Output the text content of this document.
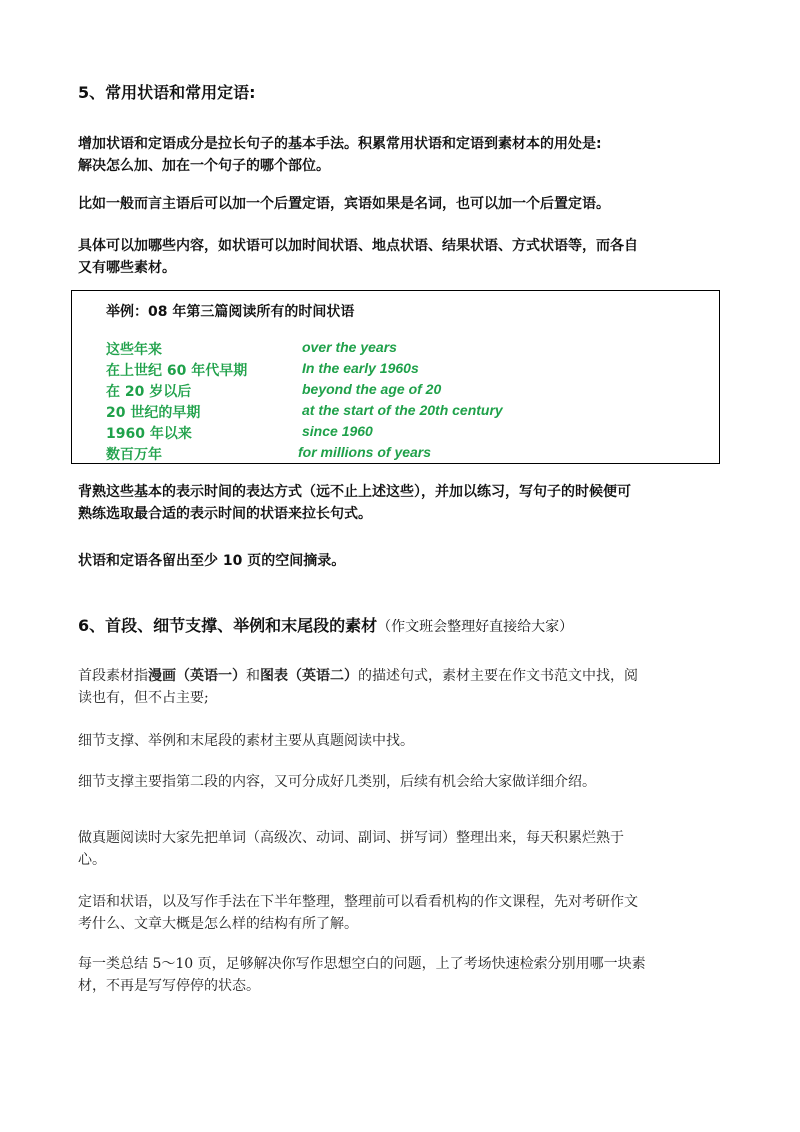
5、常用状语和常用定语:
增加状语和定语成分是拉长句子的基本手法。积累常用状语和定语到素材本的用处是:
解决怎么加、加在一个句子的哪个部位。
比如一般而言主语后可以加一个后置定语，宾语如果是名词，也可以加一个后置定语。
具体可以加哪些内容，如状语可以加时间状语、地点状语、结果状语、方式状语等，而各自
又有哪些素材。
举例：08 年第三篇阅读所有的时间状语
这些年来	over the years
在上世纪 60 年代早期	In the early 1960s
在 20 岁以后	beyond the age of 20
20 世纪的早期	at the start of the 20th century
1960 年以来	since 1960
数百万年	for millions of years
背熟这些基本的表示时间的表达方式（远不止上述这些），并加以练习，写句子的时候便可
熟练选取最合适的表示时间的状语来拉长句式。
状语和定语各留出至少 10 页的空间摘录。
6、首段、细节支撑、举例和末尾段的素材（作文班会整理好直接给大家）
首段素材指漫画（英语一）和图表（英语二）的描述句式，素材主要在作文书范文中找，阅
读也有，但不占主要;
细节支撑、举例和末尾段的素材主要从真题阅读中找。
细节支撑主要指第二段的内容，又可分成好几类别，后续有机会给大家做详细介绍。
做真题阅读时大家先把单词（高级次、动词、副词、拼写词）整理出来，每天积累烂熟于
心。
定语和状语，以及写作手法在下半年整理，整理前可以看看机构的作文课程，先对考研作文
考什么、文章大概是怎么样的结构有所了解。
每一类总结 5～10 页，足够解决你写作思想空白的问题，上了考场快速检索分别用哪一块素
材，不再是写写停停的状态。
